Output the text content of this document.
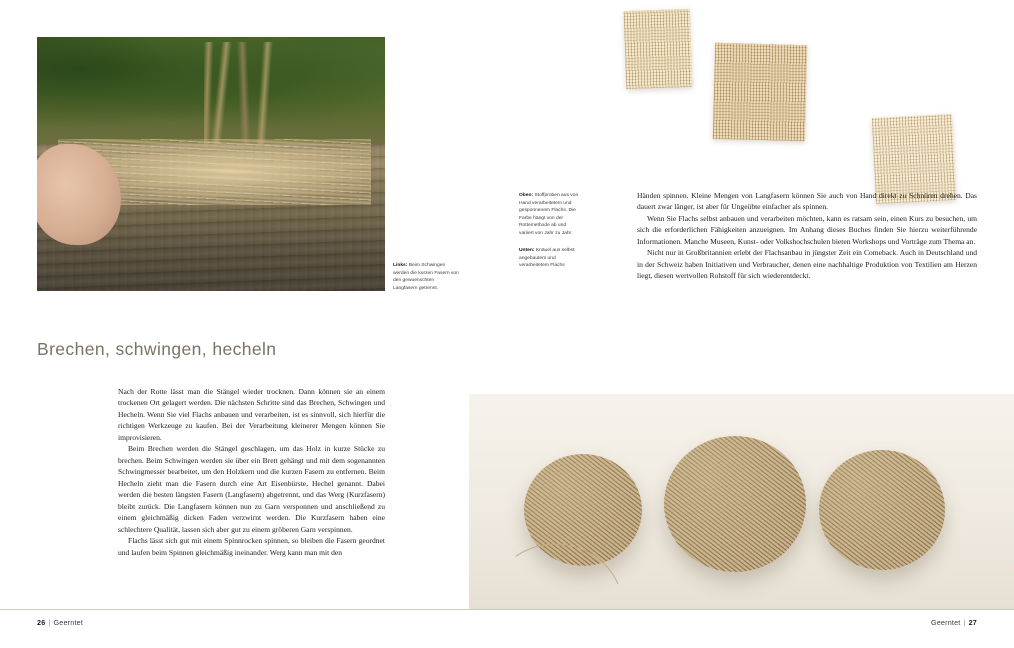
Links: Beim Schwingen werden die kurzen Fasern von den gewuenschten Langfasern getrennt.
Brechen, schwingen, hecheln

Nach der Rotte lässt man die Stängel wieder trocknen. Dann können sie an einem trockenen Ort gelagert werden. Die nächsten Schritte sind das Brechen, Schwingen und Hecheln. Wenn Sie viel Flachs anbauen und verarbeiten, ist es sinnvoll, sich hierfür die richtigen Werkzeuge zu kaufen. Bei der Verarbeitung kleinerer Mengen können Sie improvisieren.

Beim Brechen werden die Stängel geschlagen, um das Holz in kurze Stücke zu brechen. Beim Schwingen werden sie über ein Brett gehängt und mit dem sogenannten Schwingmesser bearbeitet, um den Holzkern und die kurzen Fasern zu entfernen. Beim Hecheln zieht man die Fasern durch eine Art Eisenbürste, Hechel genannt. Dabei werden die besten längsten Fasern (Langfasern) abgetrennt, und das Werg (Kurzfasern) bleibt zurück. Die Langfasern können nun zu Garn versponnen und anschließend zu einem gleichmäßig dicken Faden verzwirnt werden. Die Kurzfasern haben eine schlechtere Qualität, lassen sich aber gut zu einem gröberen Garn verspinnen.

Flachs lässt sich gut mit einem Spinnrocken spinnen, so bleiben die Fasern geordnet und laufen beim Spinnen gleichmäßig ineinander. Werg kann man mit den

26 | Geerntet
Oben: Stoffproben aus von Hand verarbeitetem und gesponnenem Flachs. Die Farbe hängt von der Rottemethode ab und variiert von Jahr zu Jahr.
Unten: Knäuel aus selbst angebautem und verarbeitetem Flachs

Händen spinnen. Kleine Mengen von Langfasern können Sie auch von Hand direkt zu Schnüren drehen. Das dauert zwar länger, ist aber für Ungeübte einfacher als spinnen.

Wenn Sie Flachs selbst anbauen und verarbeiten möchten, kann es ratsam sein, einen Kurs zu besuchen, um sich die erforderlichen Fähigkeiten anzueignen. Im Anhang dieses Buches finden Sie hierzu weiterführende Informationen. Manche Museen, Kunst- oder Volkshochschulen bieten Workshops und Vorträge zum Thema an.

Nicht nur in Großbritannien erlebt der Flachsanbau in jüngster Zeit ein Comeback. Auch in Deutschland und in der Schweiz haben Initiativen und Verbraucher, denen eine nachhaltige Produktion von Textilien am Herzen liegt, diesen wertvollen Rohstoff für sich wiederentdeckt.

Geerntet | 27
